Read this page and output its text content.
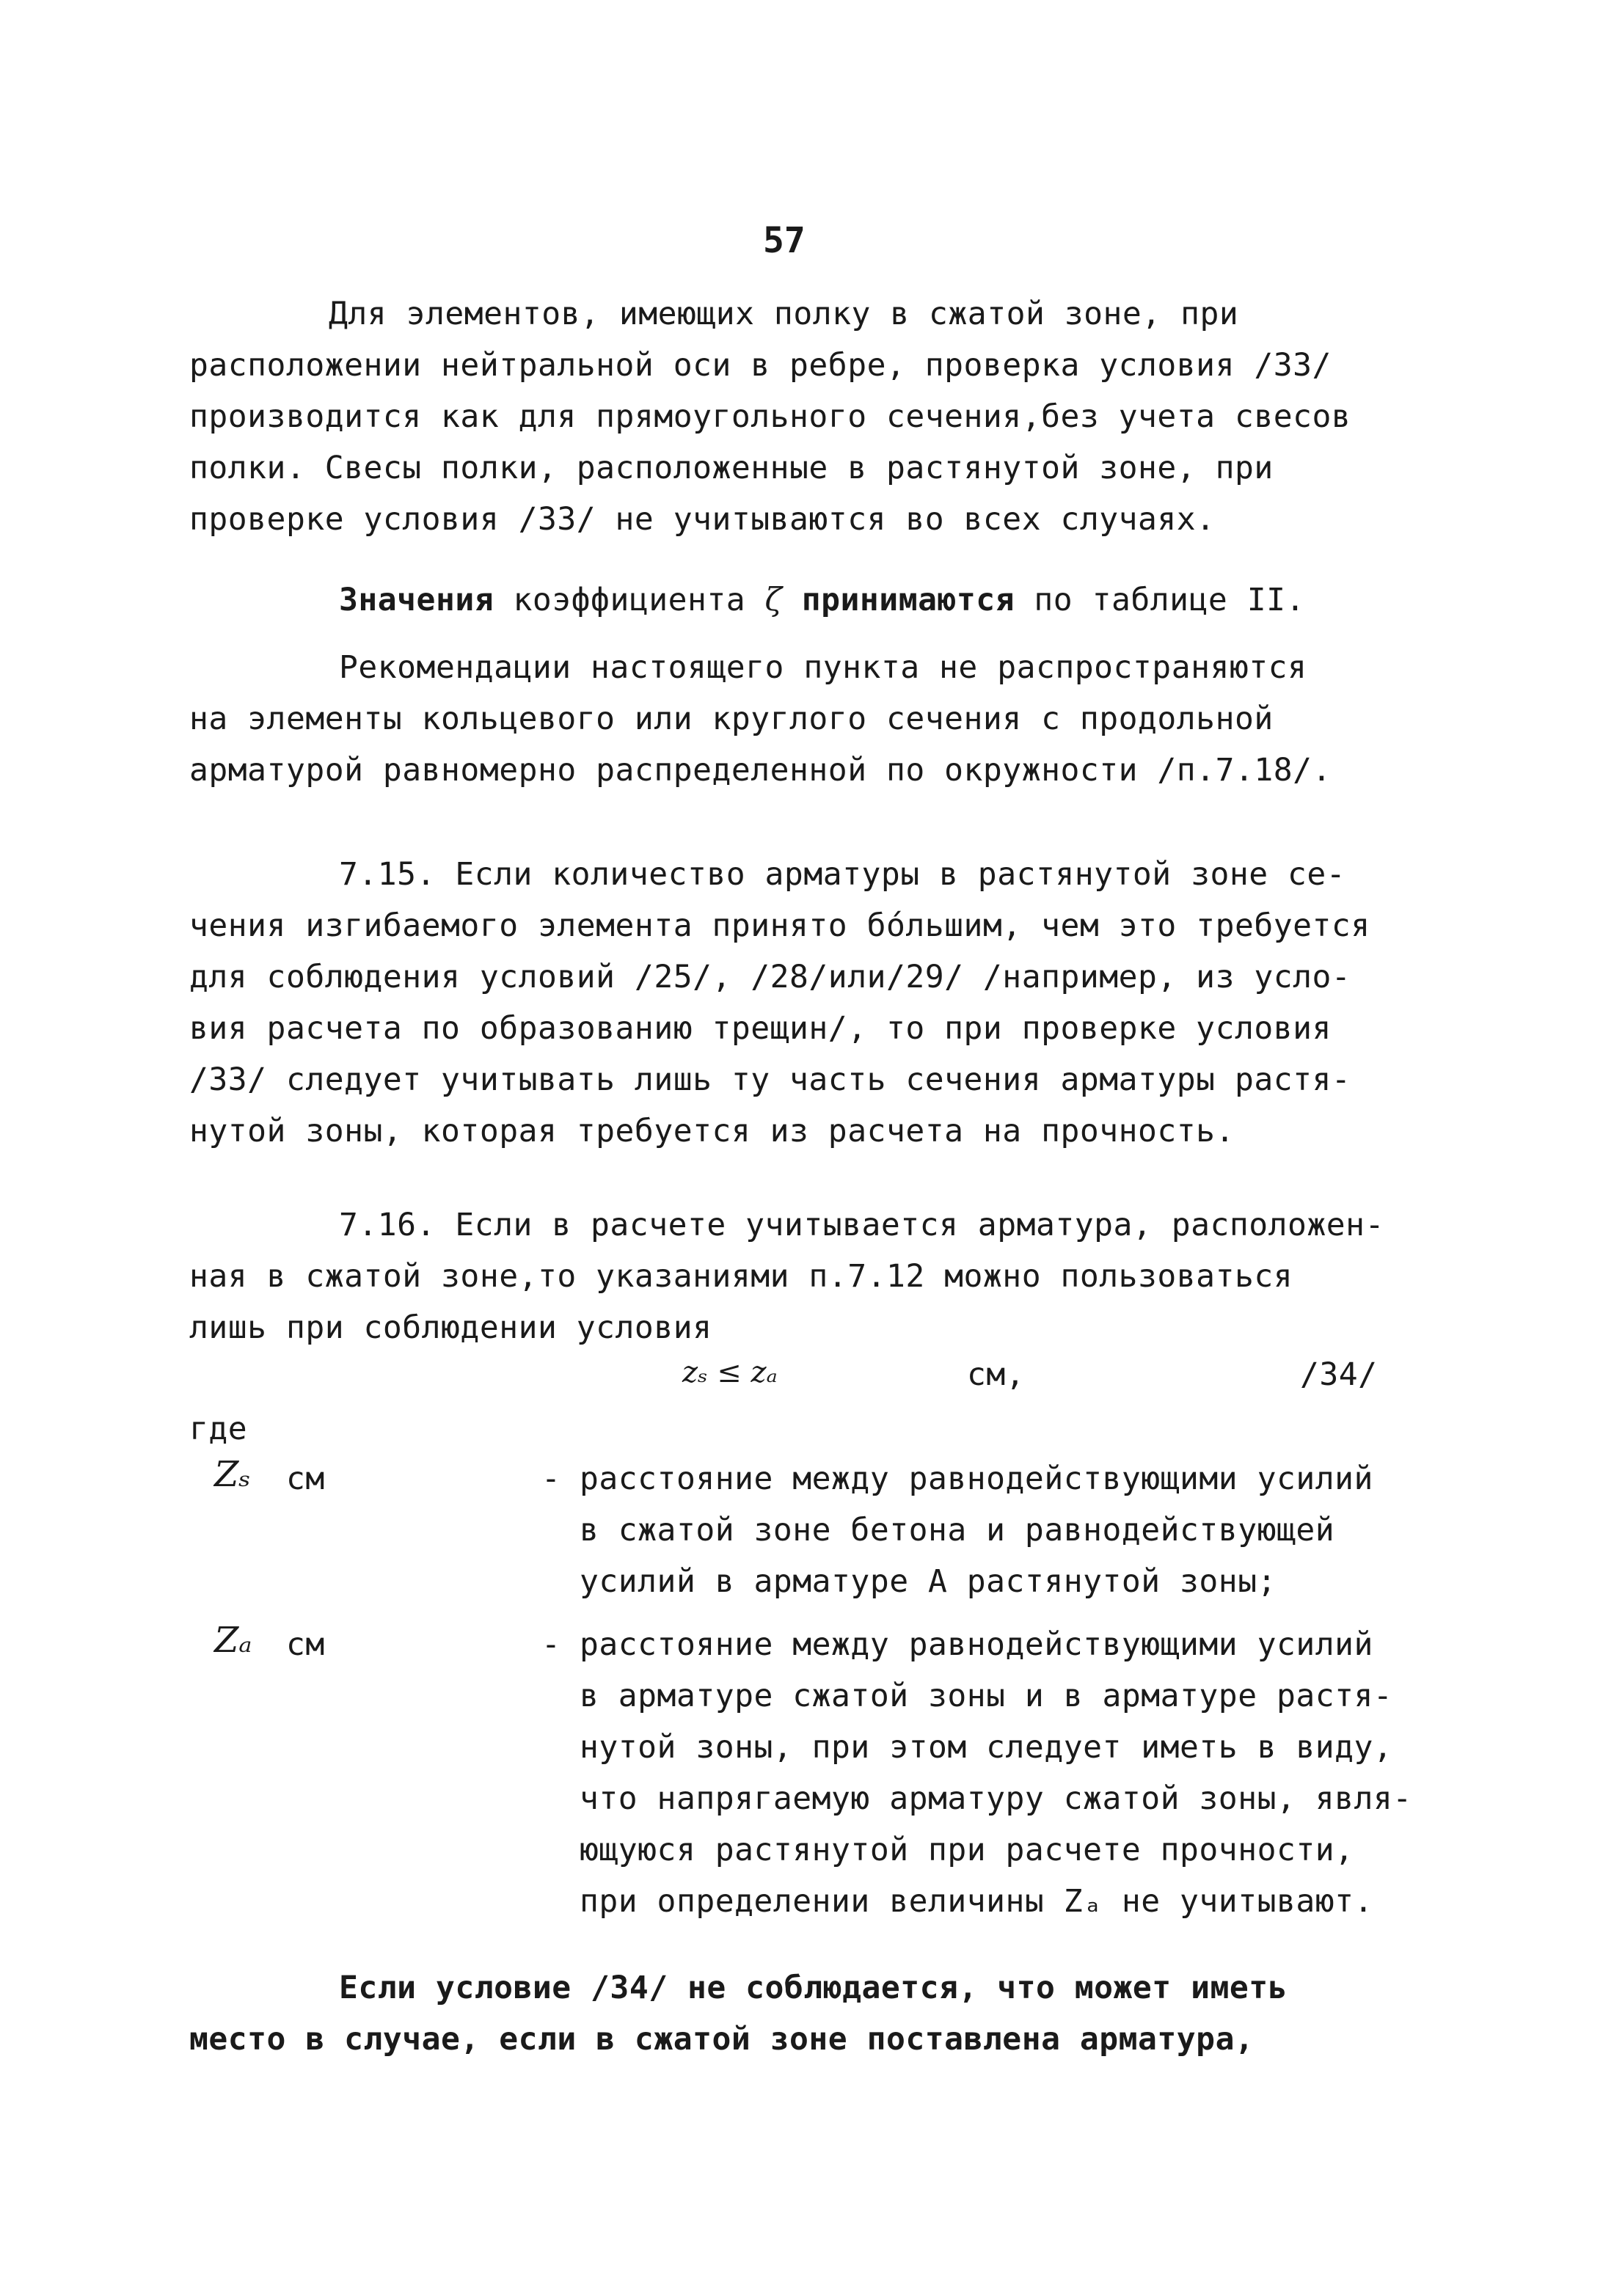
57
Для элементов, имеющих полку в сжатой зоне, при
расположении нейтральной оси в ребре, проверка условия /33/
производится как для прямоугольного сечения,без учета свесов
полки. Свесы полки, расположенные в растянутой зоне, при
проверке условия /33/ не учитываются во всех случаях.
Значения коэффициента ζ принимаются по таблице II.
Рекомендации настоящего пункта не распространяются
на элементы кольцевого или круглого сечения с продольной
арматурой равномерно распределенной по окружности /п.7.18/.
7.15. Если количество арматуры в растянутой зоне се-
чения изгибаемого элемента принято бо́льшим, чем это требуется
для соблюдения условий /25/, /28/или/29/ /например, из усло-
вия расчета по образованию трещин/, то при проверке условия
/33/ следует учитывать лишь ту часть сечения арматуры растя-
нутой зоны, которая требуется из расчета на прочность.
7.16. Если в расчете учитывается арматура, расположен-
ная в сжатой зоне,то указаниями п.7.12 можно пользоваться
лишь при соблюдении условия
zₛ ≤ zₐ	см,	/34/
где
Zₛ см	- расстояние между равнодействующими усилий
в сжатой зоне бетона и равнодействующей
усилий в арматуре A растянутой зоны;
Zₐ см	- расстояние между равнодействующими усилий
в арматуре сжатой зоны и в арматуре растя-
нутой зоны, при этом следует иметь в виду,
что напрягаемую арматуру сжатой зоны, явля-
ющуюся растянутой при расчете прочности,
при определении величины Zₐ не учитывают.
Если условие /34/ не соблюдается, что может иметь
место в случае, если в сжатой зоне поставлена арматура,
